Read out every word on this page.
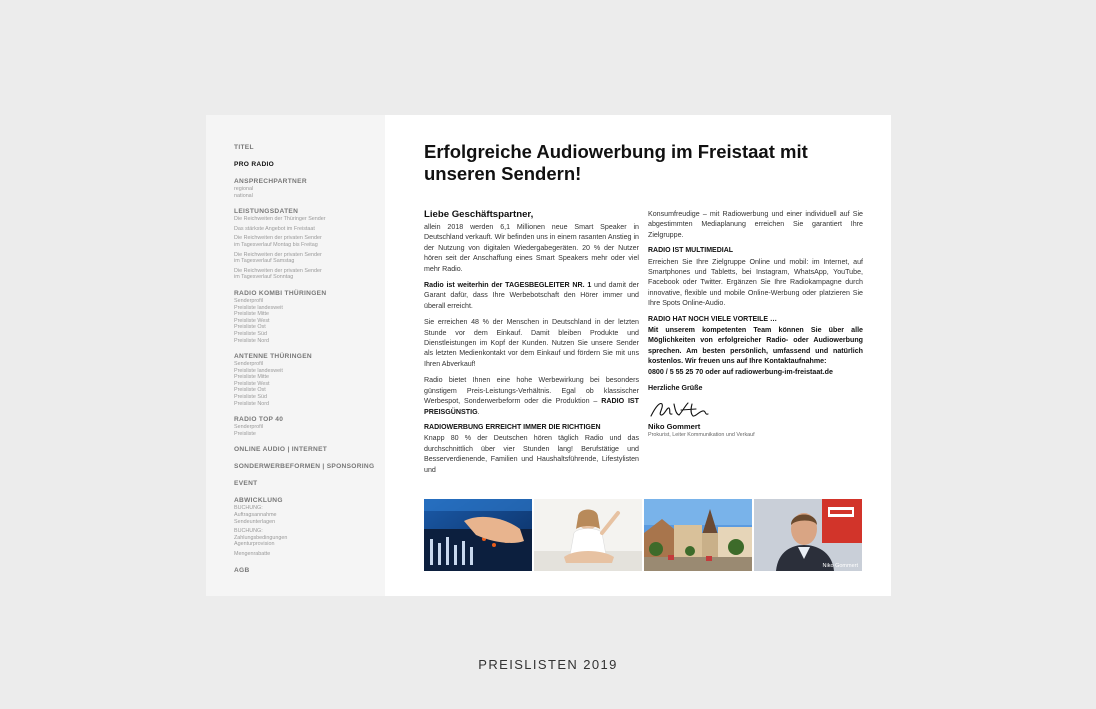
TITEL
PRO RADIO
ANSPRECHPARTNER
regional
national
LEISTUNGSDATEN
Die Reichweiten der Thüringer Sender
Das stärkste Angebot im Freistaat
Die Reichweiten der privaten Sender
im Tagesverlauf Montag bis Freitag
Die Reichweiten der privaten Sender
im Tagesverlauf Samstag
Die Reichweiten der privaten Sender
im Tagesverlauf Sonntag
RADIO KOMBI THÜRINGEN
Senderprofil
Preisliste landesweit
Preisliste Mitte
Preisliste West
Preisliste Ost
Preisliste Süd
Preisliste Nord
ANTENNE THÜRINGEN
Senderprofil
Preisliste landesweit
Preisliste Mitte
Preisliste West
Preisliste Ost
Preisliste Süd
Preisliste Nord
RADIO TOP 40
Senderprofil
Preisliste
ONLINE AUDIO | INTERNET
SONDERWERBEFORMEN | SPONSORING
EVENT
ABWICKLUNG
BUCHUNG:
Auftragsannahme
Sendeunterlagen
BUCHUNG:
Zahlungsbedingungen
Agenturprovision
Mengenrabatte
AGB
Erfolgreiche Audiowerbung im Freistaat mit
unseren Sendern!
Liebe Geschäftspartner,

allein 2018 werden 6,1 Millionen neue Smart Speaker in Deutschland verkauft. Wir befinden uns in einem rasanten Anstieg in der Nutzung von digitalen Wiedergabegeräten. 20 % der Nutzer hören seit der Anschaffung eines Smart Speakers mehr oder viel mehr Radio.

Radio ist weiterhin der TAGESBEGLEITER NR. 1 und damit der Garant dafür, dass Ihre Werbebotschaft den Hörer immer und überall erreicht.

Sie erreichen 48 % der Menschen in Deutschland in der letzten Stunde vor dem Einkauf. Damit bleiben Produkte und Dienstleistungen im Kopf der Kunden. Nutzen Sie unsere Sender als letzten Medienkontakt vor dem Einkauf und fördern Sie mit uns Ihren Abverkauf!

Radio bietet Ihnen eine hohe Werbewirkung bei besonders günstigem Preis-Leistungs-Verhältnis. Egal ob klassischer Werbespot, Sonderwerbeform oder die Produktion – RADIO IST PREISGÜNSTIG.

RADIOWERBUNG ERREICHT IMMER DIE RICHTIGEN

Knapp 80 % der Deutschen hören täglich Radio und das durchschnittlich über vier Stunden lang! Berufstätige und Besserverdienende, Familien und Haushaltsführende, Lifestylisten und

Konsumfreudige – mit Radiowerbung und einer individuell auf Sie abgestimmten Mediaplanung erreichen Sie garantiert Ihre Zielgruppe.

RADIO IST MULTIMEDIAL

Erreichen Sie Ihre Zielgruppe Online und mobil: im Internet, auf Smartphones und Tabletts, bei Instagram, WhatsApp, YouTube, Facebook oder Twitter. Ergänzen Sie Ihre Radiokampagne durch innovative, flexible und mobile Online-Werbung oder platzieren Sie Ihre Spots Online-Audio.

RADIO HAT NOCH VIELE VORTEILE …

Mit unserem kompetenten Team können Sie über alle Möglichkeiten von erfolgreicher Radio- oder Audiowerbung sprechen. Am besten persönlich, umfassend und natürlich kostenlos. Wir freuen uns auf Ihre Kontaktaufnahme:

0800 / 5 55 25 70 oder auf radiowerbung-im-freistaat.de

Herzliche Grüße

Niko Gommert
Prokurist, Leiter Kommunikation und Verkauf
Niko Gommert
PREISLISTEN 2019
